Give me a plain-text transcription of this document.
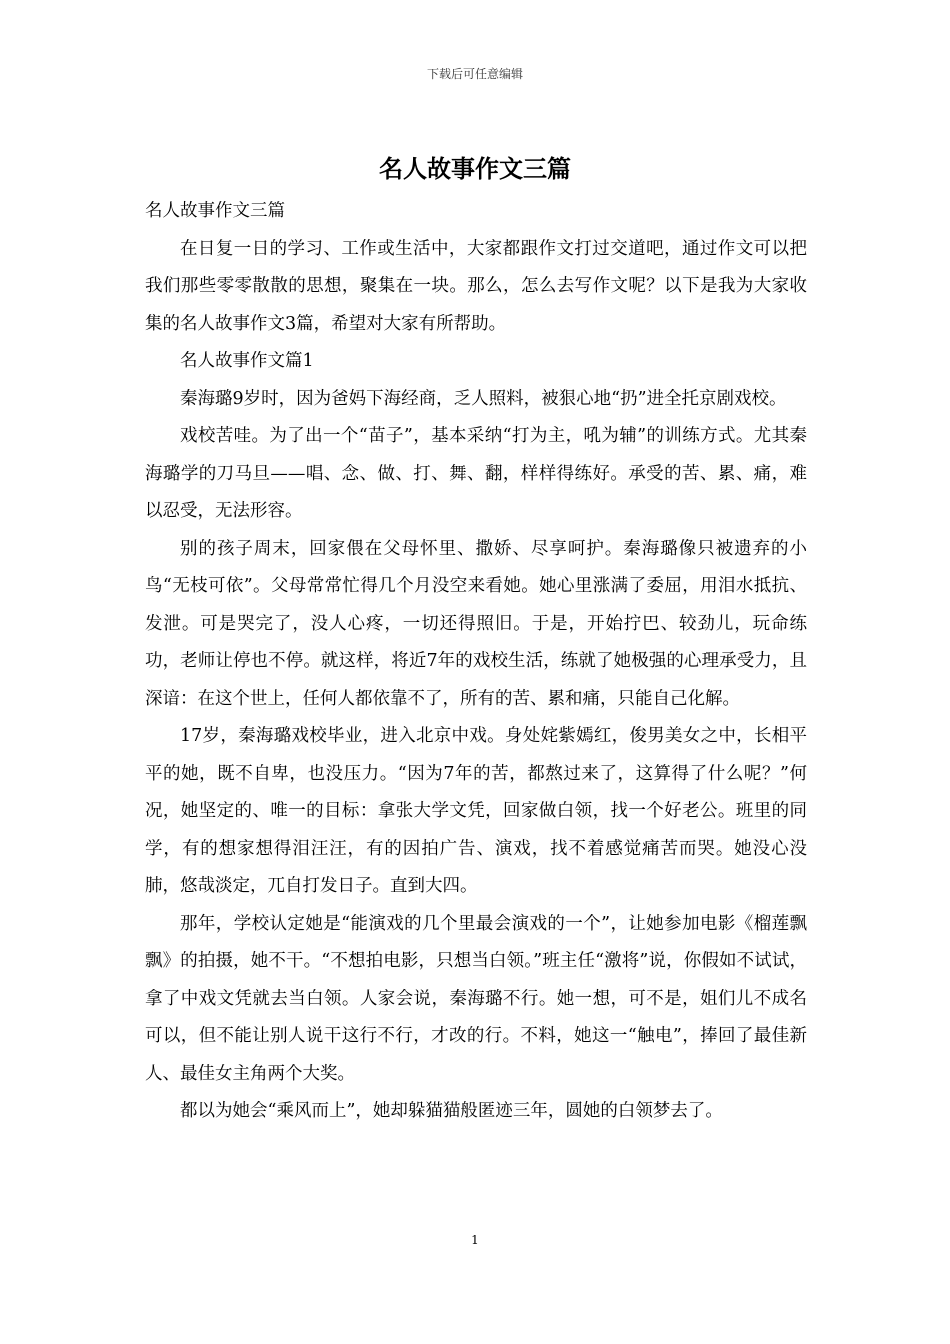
下载后可任意编辑
名人故事作文三篇

名人故事作文三篇

在日复一日的学习、工作或生活中，大家都跟作文打过交道吧，通过作文可以把我们那些零零散散的思想，聚集在一块。那么，怎么去写作文呢？以下是我为大家收集的名人故事作文3篇，希望对大家有所帮助。

名人故事作文篇1

秦海璐9岁时，因为爸妈下海经商，乏人照料，被狠心地“扔”进全托京剧戏校。

戏校苦哇。为了出一个“苗子”，基本采纳“打为主，吼为辅”的训练方式。尤其秦海璐学的刀马旦——唱、念、做、打、舞、翻，样样得练好。承受的苦、累、痛，难以忍受，无法形容。

别的孩子周末，回家偎在父母怀里、撒娇、尽享呵护。秦海璐像只被遗弃的小鸟“无枝可依”。父母常常忙得几个月没空来看她。她心里涨满了委屈，用泪水抵抗、发泄。可是哭完了，没人心疼，一切还得照旧。于是，开始拧巴、较劲儿，玩命练功，老师让停也不停。就这样，将近7年的戏校生活，练就了她极强的心理承受力，且深谙：在这个世上，任何人都依靠不了，所有的苦、累和痛，只能自己化解。

17岁，秦海璐戏校毕业，进入北京中戏。身处姹紫嫣红，俊男美女之中，长相平平的她，既不自卑，也没压力。“因为7年的苦，都熬过来了，这算得了什么呢？”何况，她坚定的、唯一的目标：拿张大学文凭，回家做白领，找一个好老公。班里的同学，有的想家想得泪汪汪，有的因拍广告、演戏，找不着感觉痛苦而哭。她没心没肺，悠哉淡定，兀自打发日子。直到大四。

那年，学校认定她是“能演戏的几个里最会演戏的一个”，让她参加电影《榴莲飘飘》的拍摄，她不干。“不想拍电影，只想当白领。”班主任“激将”说，你假如不试试，拿了中戏文凭就去当白领。人家会说，秦海璐不行。她一想，可不是，姐们儿不成名可以，但不能让别人说干这行不行，才改的行。不料，她这一“触电”，捧回了最佳新人、最佳女主角两个大奖。

都以为她会“乘风而上”，她却躲猫猫般匿迹三年，圆她的白领梦去了。

1
